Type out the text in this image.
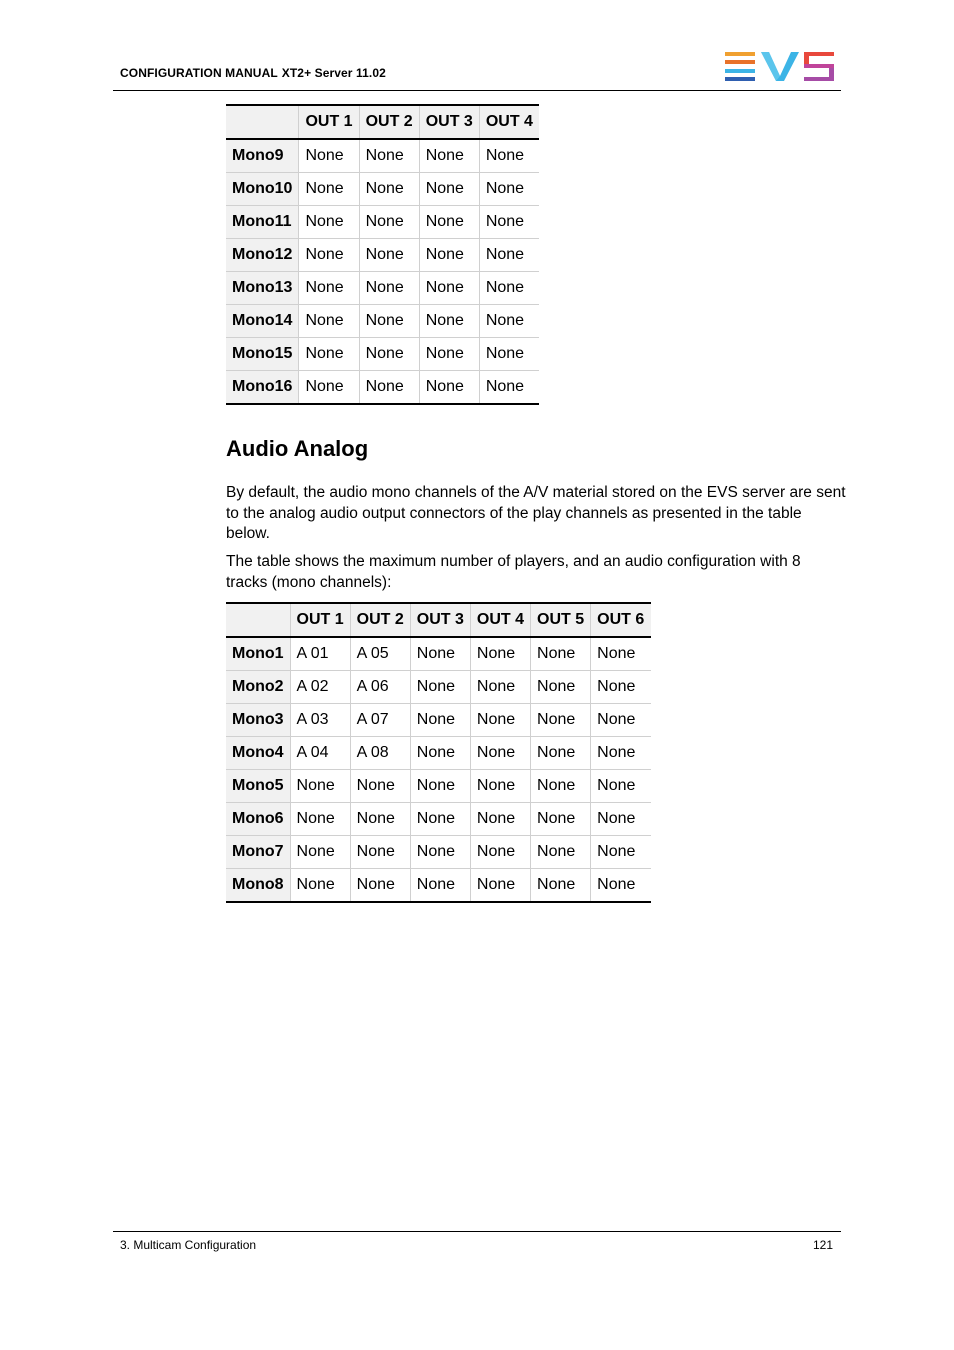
CONFIGURATION MANUAL XT2+ Server 11.02
	OUT 1	OUT 2	OUT 3	OUT 4
Mono9	None	None	None	None
Mono10	None	None	None	None
Mono11	None	None	None	None
Mono12	None	None	None	None
Mono13	None	None	None	None
Mono14	None	None	None	None
Mono15	None	None	None	None
Mono16	None	None	None	None
Audio Analog

By default, the audio mono channels of the A/V material stored on the EVS server are sent to the analog audio output connectors of the play channels as presented in the table below.

The table shows the maximum number of players, and an audio configuration with 8 tracks (mono channels):

	OUT 1	OUT 2	OUT 3	OUT 4	OUT 5	OUT 6
Mono1	A 01	A 05	None	None	None	None
Mono2	A 02	A 06	None	None	None	None
Mono3	A 03	A 07	None	None	None	None
Mono4	A 04	A 08	None	None	None	None
Mono5	None	None	None	None	None	None
Mono6	None	None	None	None	None	None
Mono7	None	None	None	None	None	None
Mono8	None	None	None	None	None	None
3. Multicam Configuration	121
